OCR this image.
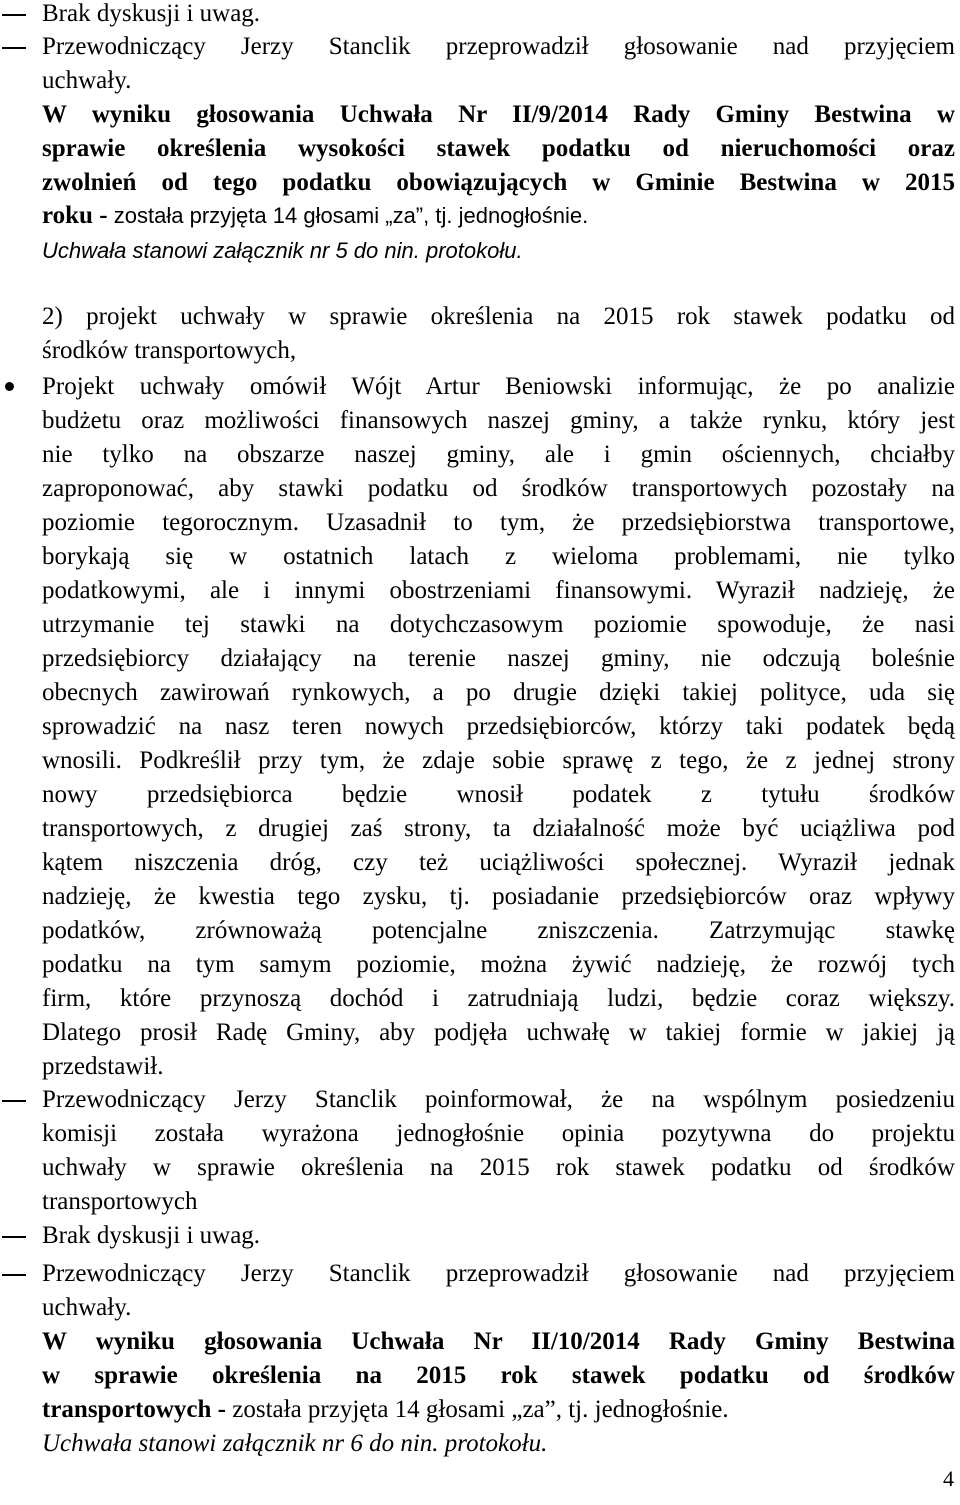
Brak dyskusji i uwag.
Przewodniczący Jerzy Stanclik przeprowadził głosowanie nad przyjęciem
uchwały.
W wyniku głosowania Uchwała Nr II/9/2014 Rady Gminy Bestwina w
sprawie określenia wysokości stawek podatku od nieruchomości oraz
zwolnień od tego podatku obowiązujących w Gminie Bestwina w 2015
roku - została przyjęta 14 głosami „za”, tj. jednogłośnie.
Uchwała stanowi załącznik nr 5 do nin. protokołu.
2) projekt uchwały w sprawie określenia na 2015 rok stawek podatku od
środków transportowych,
Projekt uchwały omówił Wójt Artur Beniowski informując, że po analizie
budżetu oraz możliwości finansowych naszej gminy, a także rynku, który jest
nie tylko na obszarze naszej gminy, ale i gmin ościennych, chciałby
zaproponować, aby stawki podatku od środków transportowych pozostały na
poziomie tegorocznym. Uzasadnił to tym, że przedsiębiorstwa transportowe,
borykają się w ostatnich latach z wieloma problemami, nie tylko
podatkowymi, ale i innymi obostrzeniami finansowymi. Wyraził nadzieję, że
utrzymanie tej stawki na dotychczasowym poziomie spowoduje, że nasi
przedsiębiorcy działający na terenie naszej gminy, nie odczują boleśnie
obecnych zawirowań rynkowych, a po drugie dzięki takiej polityce, uda się
sprowadzić na nasz teren nowych przedsiębiorców, którzy taki podatek będą
wnosili. Podkreślił przy tym, że zdaje sobie sprawę z tego, że z jednej strony
nowy przedsiębiorca będzie wnosił podatek z tytułu środków
transportowych, z drugiej zaś strony, ta działalność może być uciążliwa pod
kątem niszczenia dróg, czy też uciążliwości społecznej. Wyraził jednak
nadzieję, że kwestia tego zysku, tj. posiadanie przedsiębiorców oraz wpływy
podatków, zrównoważą potencjalne zniszczenia. Zatrzymując stawkę
podatku na tym samym poziomie, można żywić nadzieję, że rozwój tych
firm, które przynoszą dochód i zatrudniają ludzi, będzie coraz większy.
Dlatego prosił Radę Gminy, aby podjęła uchwałę w takiej formie w jakiej ją
przedstawił.
Przewodniczący Jerzy Stanclik poinformował, że na wspólnym posiedzeniu
komisji została wyrażona jednogłośnie opinia pozytywna do projektu
uchwały w sprawie określenia na 2015 rok stawek podatku od środków
transportowych
Brak dyskusji i uwag.
Przewodniczący Jerzy Stanclik przeprowadził głosowanie nad przyjęciem
uchwały.
W wyniku głosowania Uchwała Nr II/10/2014 Rady Gminy Bestwina
w sprawie określenia na 2015 rok stawek podatku od środków
transportowych - została przyjęta 14 głosami „za”, tj. jednogłośnie.
Uchwała stanowi załącznik nr 6 do nin. protokołu.
4
